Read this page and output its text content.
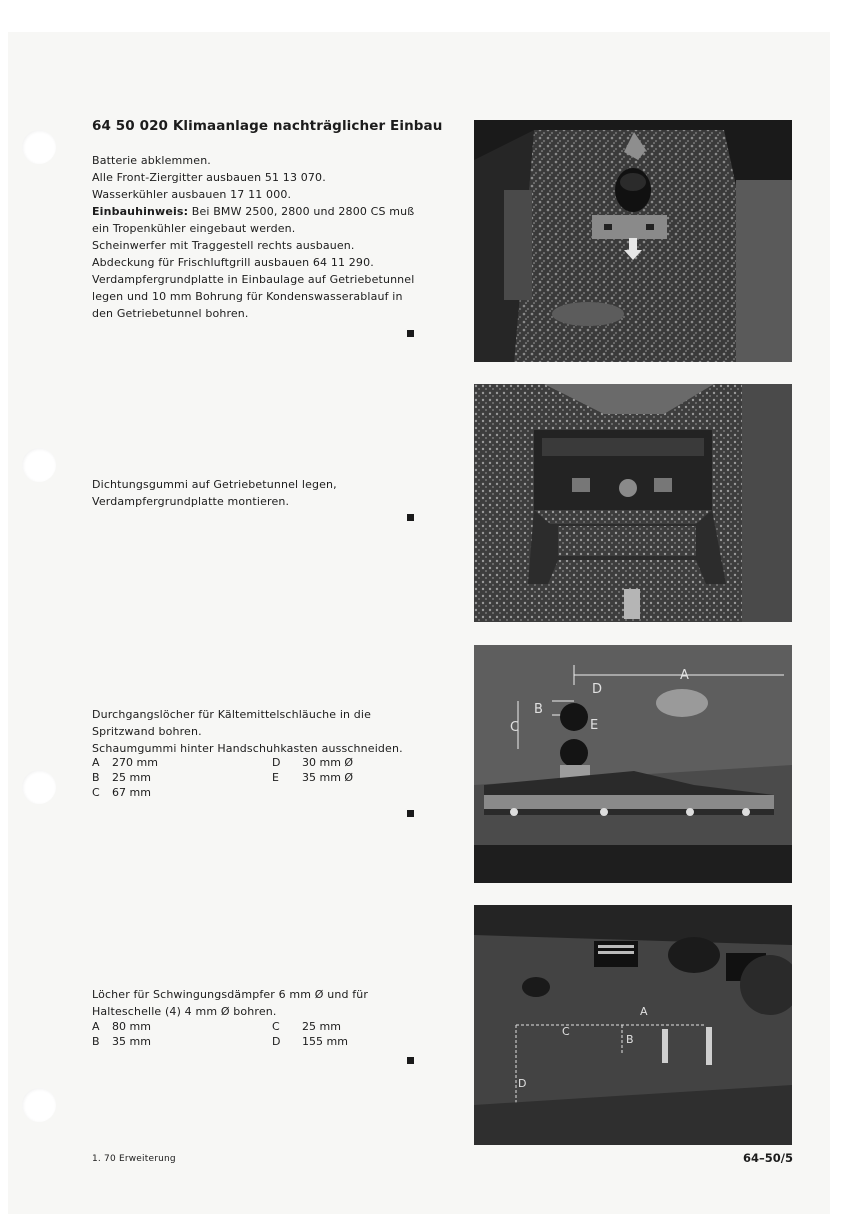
64 50 020 Klimaanlage nachträglicher Einbau

Batterie abklemmen.

Alle Front-Ziergitter ausbauen 51 13 070.

Wasserkühler ausbauen 17 11 000.

Einbauhinweis: Bei BMW 2500, 2800 und 2800 CS muß ein Tropenkühler eingebaut werden.

Scheinwerfer mit Traggestell rechts ausbauen.

Abdeckung für Frischluftgrill ausbauen 64 11 290.

Verdampfergrundplatte in Einbaulage auf Getriebetunnel legen und 10 mm Bohrung für Kondenswasserablauf in den Getriebetunnel bohren.

Dichtungsgummi auf Getriebetunnel legen, Verdampfergrundplatte montieren.

Durchgangslöcher für Kältemittelschläuche in die Spritzwand bohren.

Schaumgummi hinter Handschuhkasten ausschneiden.

A	270 mm	D	30 mm Ø
B	25 mm	E	35 mm Ø
C	67 mm

Löcher für Schwingungsdämpfer 6 mm Ø und für Halteschelle (4) 4 mm Ø bohren.

A	80 mm	C	25 mm
B	35 mm	D	155 mm
A
B
C
D
E
A
B
C
D
1. 70 Erweiterung	64–50/5
